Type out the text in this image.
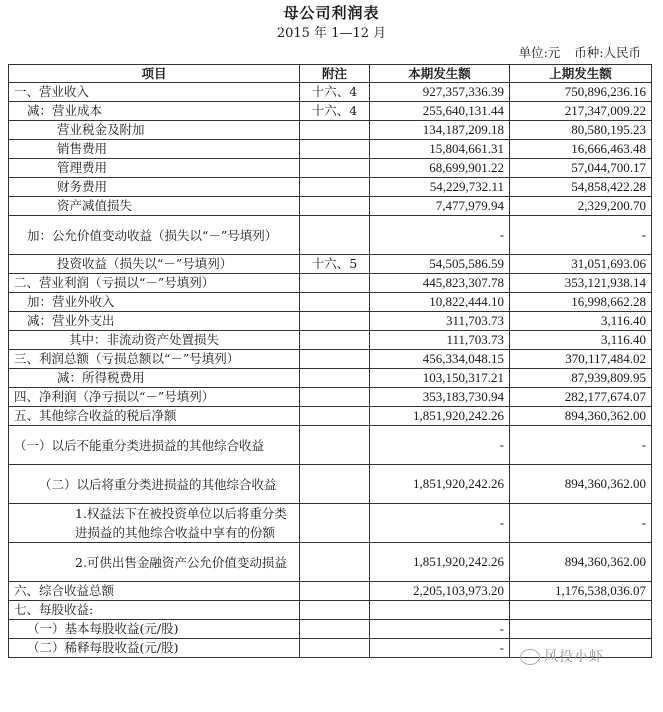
母公司利润表
2015 年 1—12 月
单位:元 币种:人民币
项目	附注	本期发生额	上期发生额
一、营业收入	十六、4	927,357,336.39	750,896,236.16
减：营业成本	十六、4	255,640,131.44	217,347,009.22
营业税金及附加		134,187,209.18	80,580,195.23
销售费用		15,804,661.31	16,666,463.48
管理费用		68,699,901.22	57,044,700.17
财务费用		54,229,732.11	54,858,422.28
资产减值损失		7,477,979.94	2,329,200.70
加：公允价值变动收益（损失以“－”号填列）		-	-
投资收益（损失以“－”号填列）	十六、5	54,505,586.59	31,051,693.06
二、营业利润（亏损以“－”号填列）		445,823,307.78	353,121,938.14
加：营业外收入		10,822,444.10	16,998,662.28
减：营业外支出		311,703.73	3,116.40
其中：非流动资产处置损失		111,703.73	3,116.40
三、利润总额（亏损总额以“－”号填列）		456,334,048.15	370,117,484.02
减：所得税费用		103,150,317.21	87,939,809.95
四、净利润（净亏损以“－”号填列）		353,183,730.94	282,177,674.07
五、其他综合收益的税后净额		1,851,920,242.26	894,360,362.00
（一）以后不能重分类进损益的其他综合收益		-	-
（二）以后将重分类进损益的其他综合收益		1,851,920,242.26	894,360,362.00
1.权益法下在被投资单位以后将重分类进损益的其他综合收益中享有的份额		-	-
2.可供出售金融资产公允价值变动损益		1,851,920,242.26	894,360,362.00
六、综合收益总额		2,205,103,973.20	1,176,538,036.07
七、每股收益:			
（一）基本每股收益(元/股)		-	
（二）稀释每股收益(元/股)		-	
风投小虾
